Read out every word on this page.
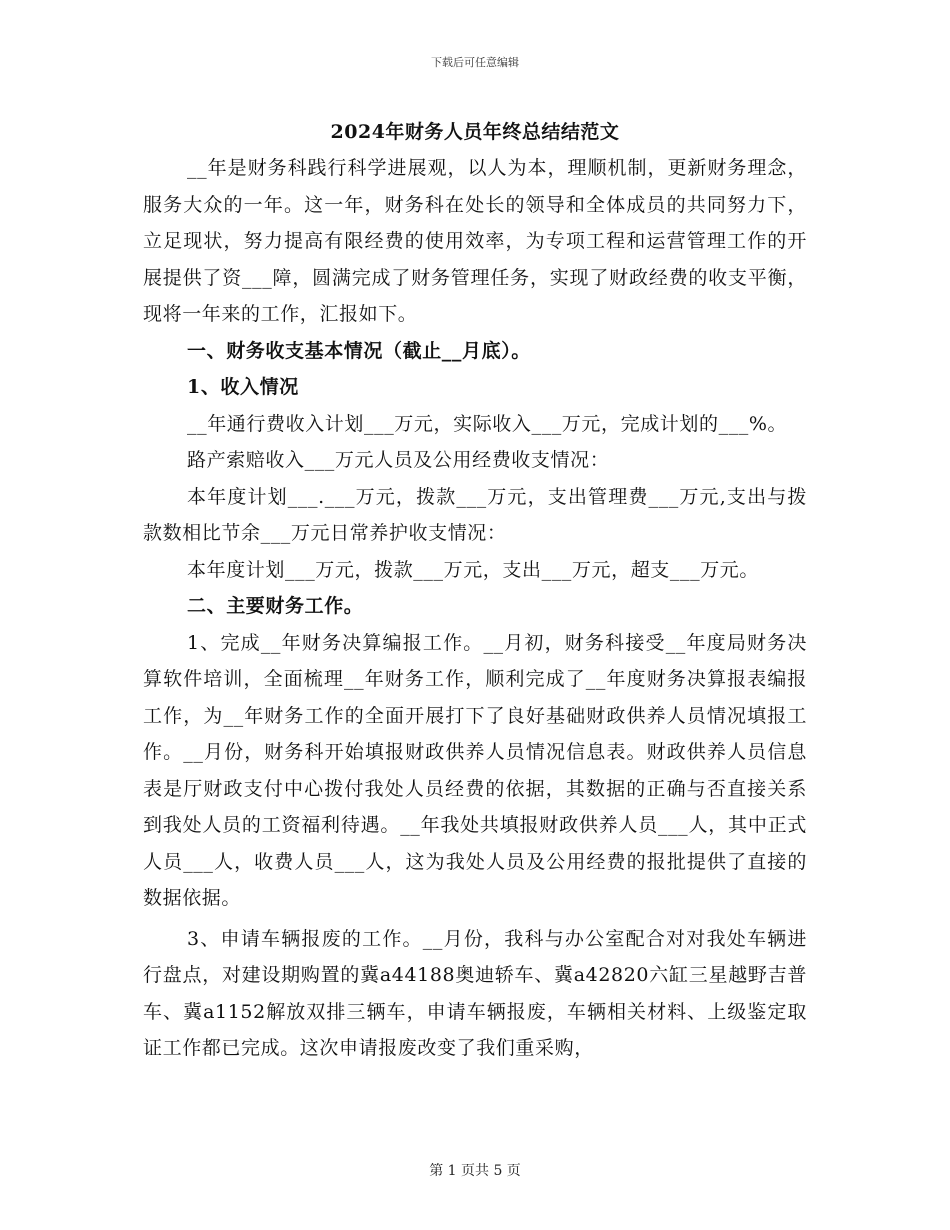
下载后可任意编辑

2024年财务人员年终总结结范文

__年是财务科践行科学进展观，以人为本，理顺机制，更新财务理念，服务大众的一年。这一年，财务科在处长的领导和全体成员的共同努力下，立足现状，努力提高有限经费的使用效率，为专项工程和运营管理工作的开展提供了资___障，圆满完成了财务管理任务，实现了财政经费的收支平衡，现将一年来的工作，汇报如下。

一、财务收支基本情况（截止__月底）。

1、收入情况

__年通行费收入计划___万元，实际收入___万元，完成计划的___%。

路产索赔收入___万元人员及公用经费收支情况：

本年度计划___.___万元，拨款___万元，支出管理费___万元,支出与拨款数相比节余___万元日常养护收支情况：

本年度计划___万元，拨款___万元，支出___万元，超支___万元。

二、主要财务工作。

1、完成__年财务决算编报工作。__月初，财务科接受__年度局财务决算软件培训，全面梳理__年财务工作，顺利完成了__年度财务决算报表编报工作，为__年财务工作的全面开展打下了良好基础财政供养人员情况填报工作。__月份，财务科开始填报财政供养人员情况信息表。财政供养人员信息表是厅财政支付中心拨付我处人员经费的依据，其数据的正确与否直接关系到我处人员的工资福利待遇。__年我处共填报财政供养人员___人，其中正式人员___人，收费人员___人，这为我处人员及公用经费的报批提供了直接的数据依据。

3、申请车辆报废的工作。__月份，我科与办公室配合对对我处车辆进行盘点，对建设期购置的冀a44188奥迪轿车、冀a42820六缸三星越野吉普车、冀a1152解放双排三辆车，申请车辆报废，车辆相关材料、上级鉴定取证工作都已完成。这次申请报废改变了我们重采购，

第 1 页共 5 页
